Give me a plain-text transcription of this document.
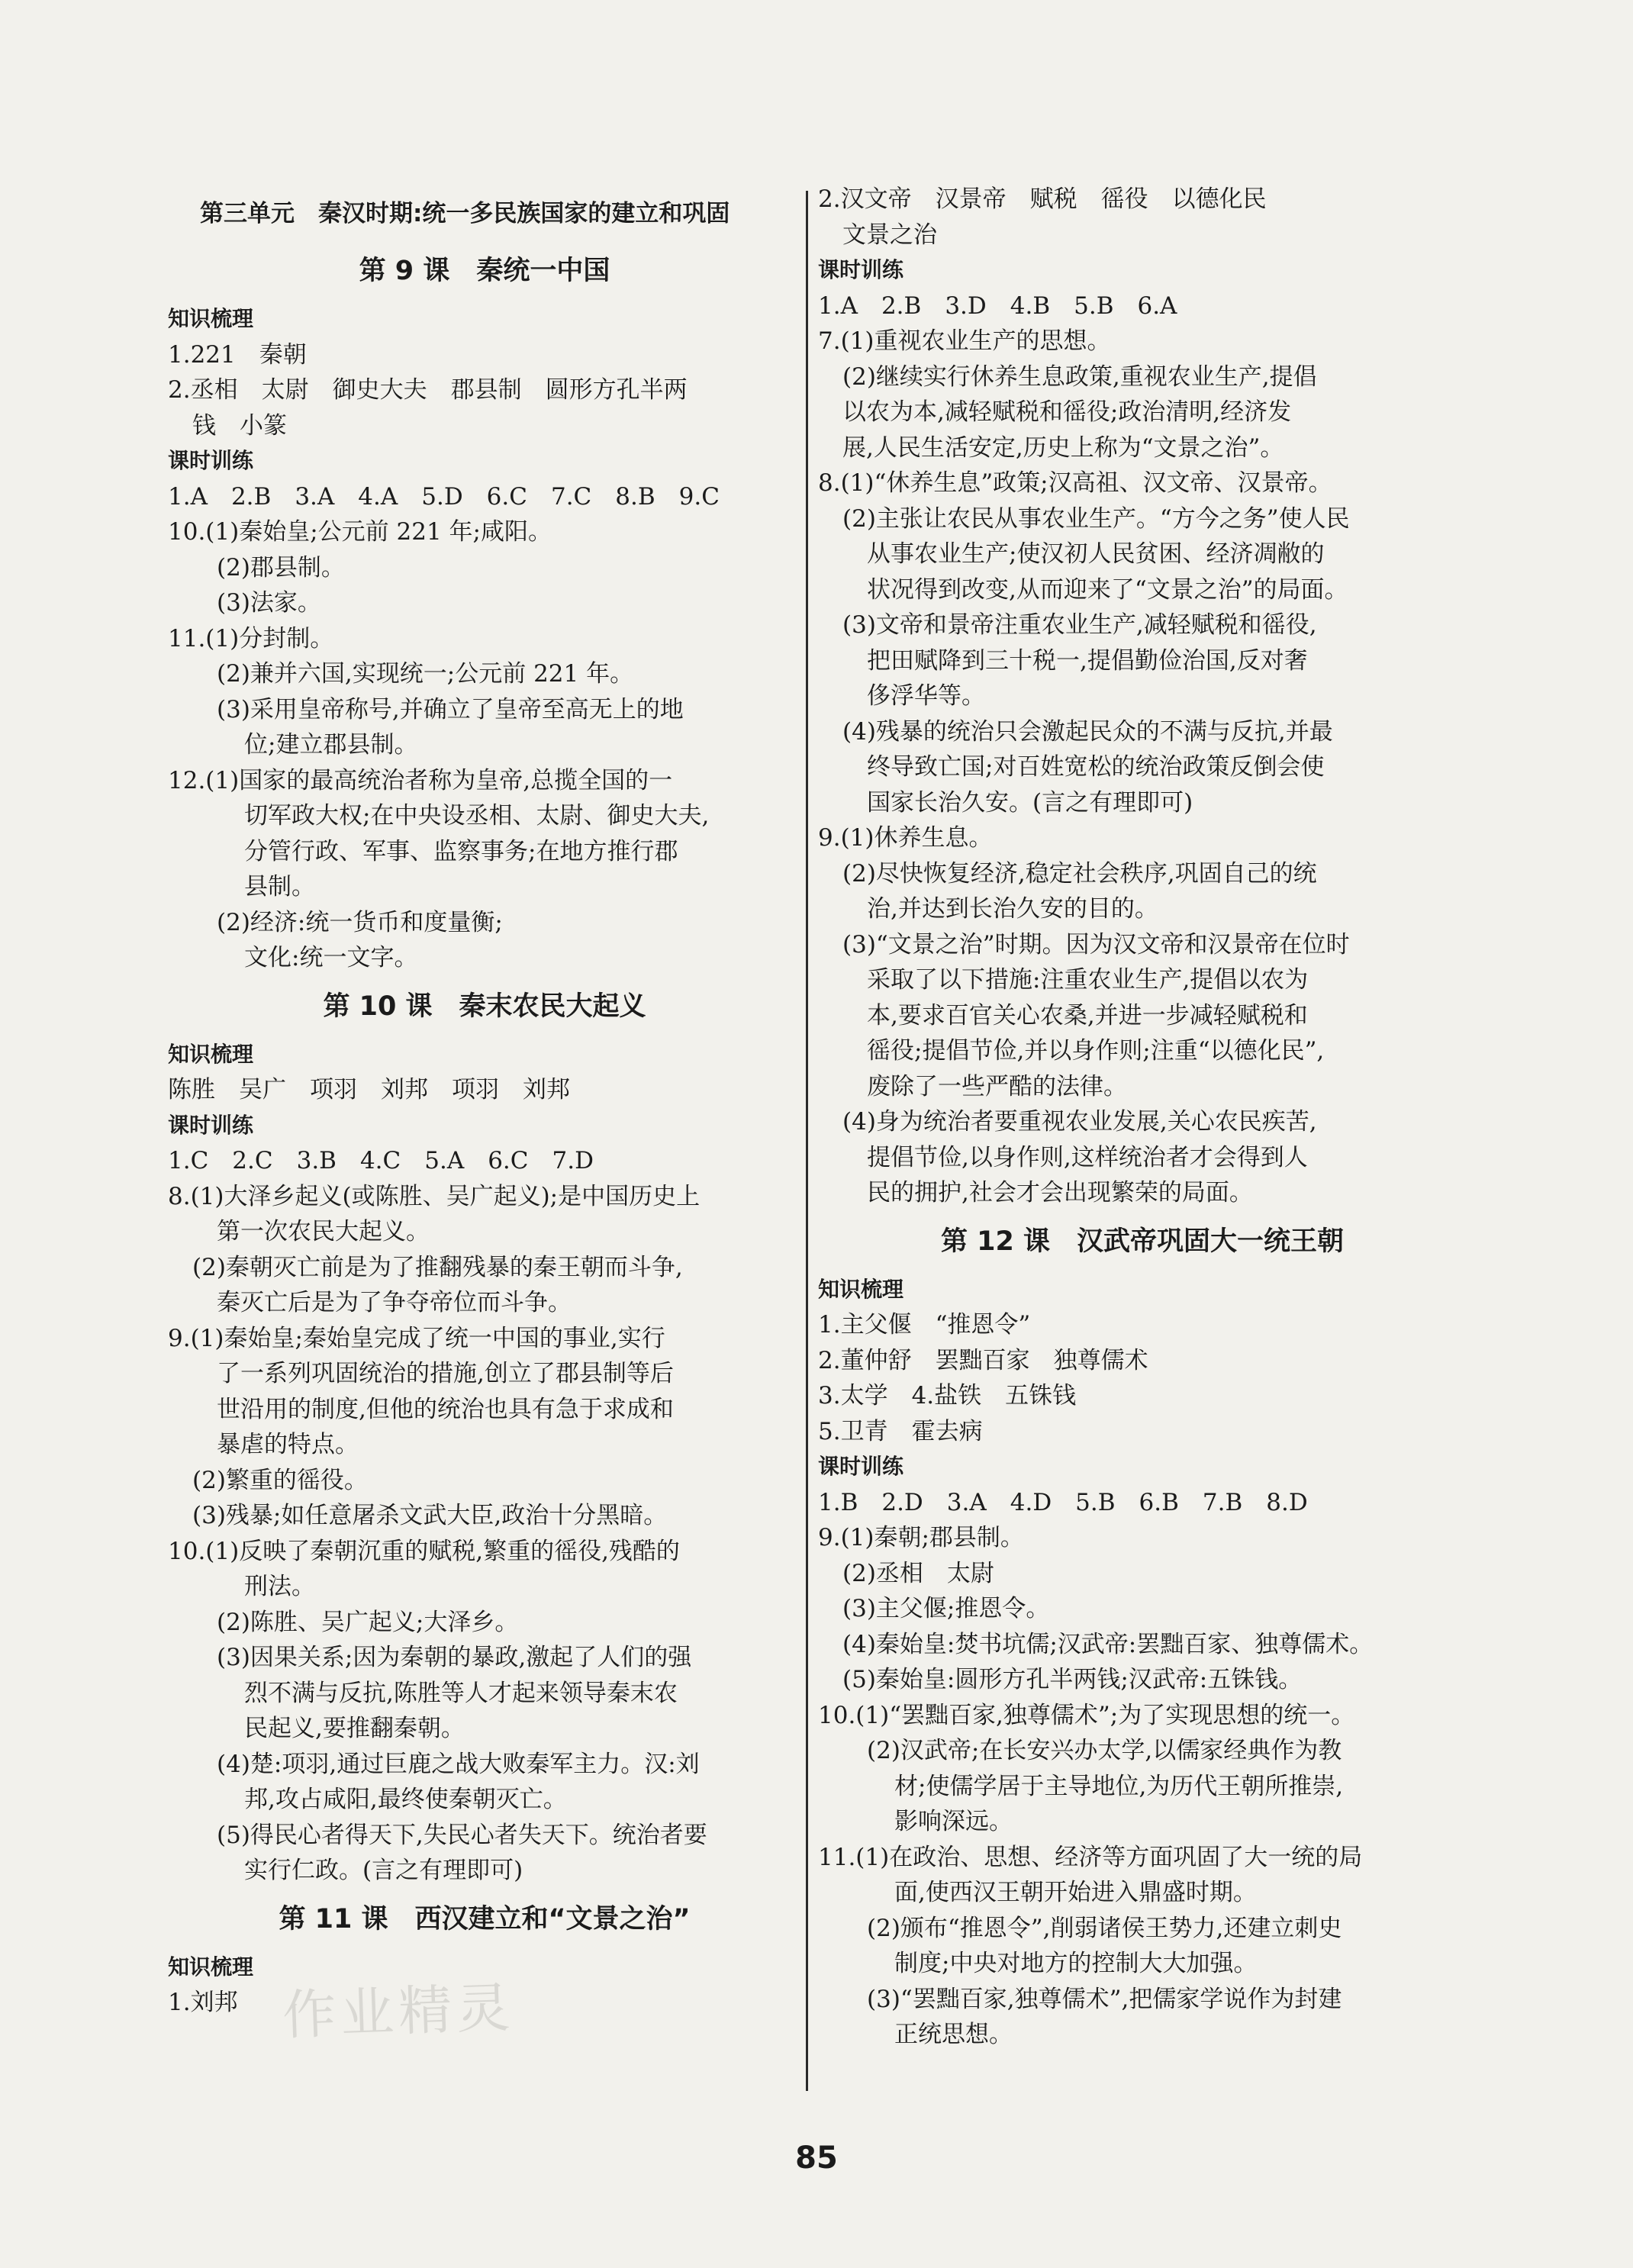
第三单元　秦汉时期:统一多民族国家的建立和巩固
第 9 课　秦统一中国
知识梳理
1.221　秦朝
2.丞相　太尉　御史大夫　郡县制　圆形方孔半两
钱　小篆
课时训练
1.A　2.B　3.A　4.A　5.D　6.C　7.C　8.B　9.C
10.(1)秦始皇;公元前 221 年;咸阳。
(2)郡县制。
(3)法家。
11.(1)分封制。
(2)兼并六国,实现统一;公元前 221 年。
(3)采用皇帝称号,并确立了皇帝至高无上的地
位;建立郡县制。
12.(1)国家的最高统治者称为皇帝,总揽全国的一
切军政大权;在中央设丞相、太尉、御史大夫,
分管行政、军事、监察事务;在地方推行郡
县制。
(2)经济:统一货币和度量衡;
文化:统一文字。
第 10 课　秦末农民大起义
知识梳理
陈胜　吴广　项羽　刘邦　项羽　刘邦
课时训练
1.C　2.C　3.B　4.C　5.A　6.C　7.D
8.(1)大泽乡起义(或陈胜、吴广起义);是中国历史上
第一次农民大起义。
(2)秦朝灭亡前是为了推翻残暴的秦王朝而斗争,
秦灭亡后是为了争夺帝位而斗争。
9.(1)秦始皇;秦始皇完成了统一中国的事业,实行
了一系列巩固统治的措施,创立了郡县制等后
世沿用的制度,但他的统治也具有急于求成和
暴虐的特点。
(2)繁重的徭役。
(3)残暴;如任意屠杀文武大臣,政治十分黑暗。
10.(1)反映了秦朝沉重的赋税,繁重的徭役,残酷的
刑法。
(2)陈胜、吴广起义;大泽乡。
(3)因果关系;因为秦朝的暴政,激起了人们的强
烈不满与反抗,陈胜等人才起来领导秦末农
民起义,要推翻秦朝。
(4)楚:项羽,通过巨鹿之战大败秦军主力。汉:刘
邦,攻占咸阳,最终使秦朝灭亡。
(5)得民心者得天下,失民心者失天下。统治者要
实行仁政。(言之有理即可)
第 11 课　西汉建立和“文景之治”
知识梳理
1.刘邦
2.汉文帝　汉景帝　赋税　徭役　以德化民
文景之治
课时训练
1.A　2.B　3.D　4.B　5.B　6.A
7.(1)重视农业生产的思想。
(2)继续实行休养生息政策,重视农业生产,提倡
以农为本,减轻赋税和徭役;政治清明,经济发
展,人民生活安定,历史上称为“文景之治”。
8.(1)“休养生息”政策;汉高祖、汉文帝、汉景帝。
(2)主张让农民从事农业生产。“方今之务”使人民
从事农业生产;使汉初人民贫困、经济凋敝的
状况得到改变,从而迎来了“文景之治”的局面。
(3)文帝和景帝注重农业生产,减轻赋税和徭役,
把田赋降到三十税一,提倡勤俭治国,反对奢
侈浮华等。
(4)残暴的统治只会激起民众的不满与反抗,并最
终导致亡国;对百姓宽松的统治政策反倒会使
国家长治久安。(言之有理即可)
9.(1)休养生息。
(2)尽快恢复经济,稳定社会秩序,巩固自己的统
治,并达到长治久安的目的。
(3)“文景之治”时期。因为汉文帝和汉景帝在位时
采取了以下措施:注重农业生产,提倡以农为
本,要求百官关心农桑,并进一步减轻赋税和
徭役;提倡节俭,并以身作则;注重“以德化民”,
废除了一些严酷的法律。
(4)身为统治者要重视农业发展,关心农民疾苦,
提倡节俭,以身作则,这样统治者才会得到人
民的拥护,社会才会出现繁荣的局面。
第 12 课　汉武帝巩固大一统王朝
知识梳理
1.主父偃　“推恩令”
2.董仲舒　罢黜百家　独尊儒术
3.太学　4.盐铁　五铢钱
5.卫青　霍去病
课时训练
1.B　2.D　3.A　4.D　5.B　6.B　7.B　8.D
9.(1)秦朝;郡县制。
(2)丞相　太尉
(3)主父偃;推恩令。
(4)秦始皇:焚书坑儒;汉武帝:罢黜百家、独尊儒术。
(5)秦始皇:圆形方孔半两钱;汉武帝:五铢钱。
10.(1)“罢黜百家,独尊儒术”;为了实现思想的统一。
(2)汉武帝;在长安兴办太学,以儒家经典作为教
材;使儒学居于主导地位,为历代王朝所推崇,
影响深远。
11.(1)在政治、思想、经济等方面巩固了大一统的局
面,使西汉王朝开始进入鼎盛时期。
(2)颁布“推恩令”,削弱诸侯王势力,还建立刺史
制度;中央对地方的控制大大加强。
(3)“罢黜百家,独尊儒术”,把儒家学说作为封建
正统思想。
作业精灵
85
